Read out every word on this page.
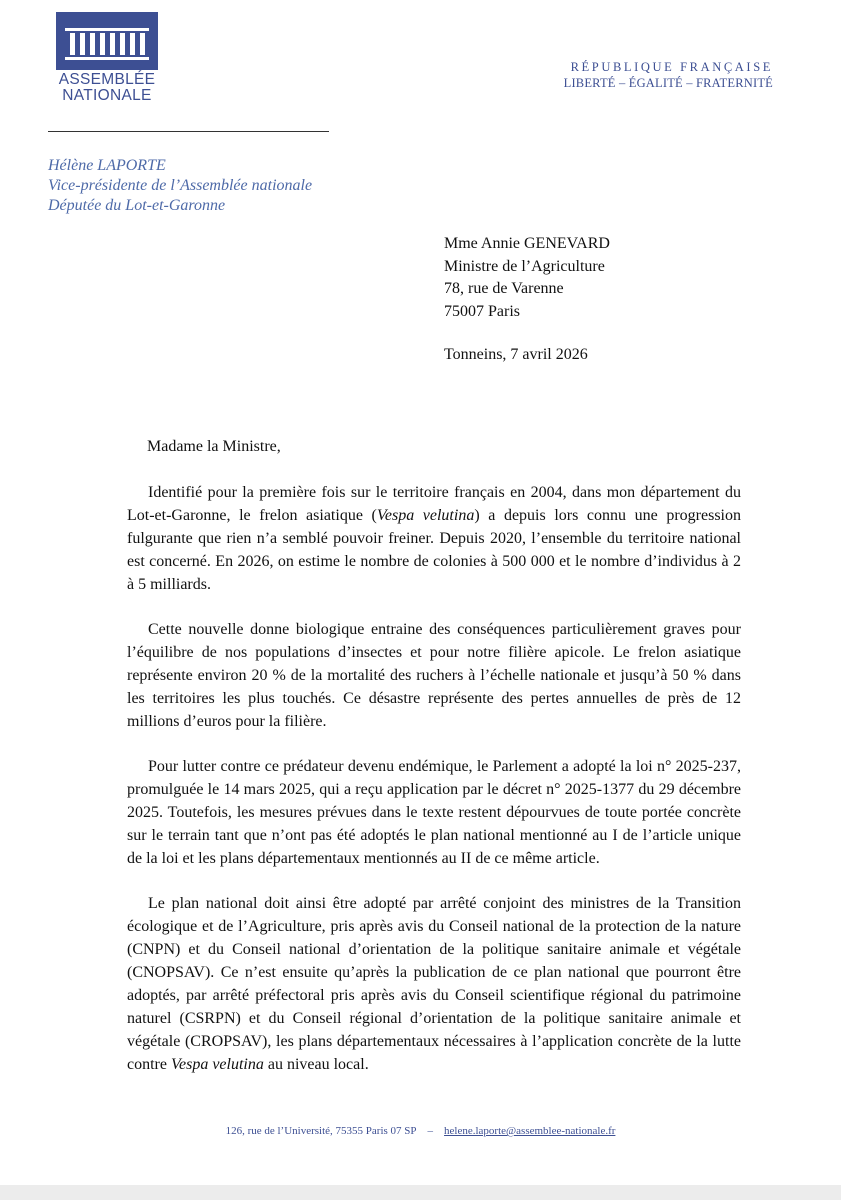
ASSEMBLÉE
NATIONALE
RÉPUBLIQUE FRANÇAISE
LIBERTÉ – ÉGALITÉ – FRATERNITÉ
Hélène LAPORTE
Vice-présidente de l’Assemblée nationale
Députée du Lot-et-Garonne
Mme Annie GENEVARD
Ministre de l’Agriculture
78, rue de Varenne
75007 Paris
Tonneins, 7 avril 2026
Madame la Ministre,

Identifié pour la première fois sur le territoire français en 2004, dans mon département du Lot-et-Garonne, le frelon asiatique (Vespa velutina) a depuis lors connu une progression fulgurante que rien n’a semblé pouvoir freiner. Depuis 2020, l’ensemble du territoire national est concerné. En 2026, on estime le nombre de colonies à 500 000 et le nombre d’individus à 2 à 5 milliards.

Cette nouvelle donne biologique entraine des conséquences particulièrement graves pour l’équilibre de nos populations d’insectes et pour notre filière apicole. Le frelon asiatique représente environ 20 % de la mortalité des ruchers à l’échelle nationale et jusqu’à 50 % dans les territoires les plus touchés. Ce désastre représente des pertes annuelles de près de 12 millions d’euros pour la filière.

Pour lutter contre ce prédateur devenu endémique, le Parlement a adopté la loi n° 2025-237, promulguée le 14 mars 2025, qui a reçu application par le décret n° 2025-1377 du 29 décembre 2025. Toutefois, les mesures prévues dans le texte restent dépourvues de toute portée concrète sur le terrain tant que n’ont pas été adoptés le plan national mentionné au I de l’article unique de la loi et les plans départementaux mentionnés au II de ce même article.

Le plan national doit ainsi être adopté par arrêté conjoint des ministres de la Transition écologique et de l’Agriculture, pris après avis du Conseil national de la protection de la nature (CNPN) et du Conseil national d’orientation de la politique sanitaire animale et végétale (CNOPSAV). Ce n’est ensuite qu’après la publication de ce plan national que pourront être adoptés, par arrêté préfectoral pris après avis du Conseil scientifique régional du patrimoine naturel (CSRPN) et du Conseil régional d’orientation de la politique sanitaire animale et végétale (CROPSAV), les plans départementaux nécessaires à l’application concrète de la lutte contre Vespa velutina au niveau local.

126, rue de l’Université, 75355 Paris 07 SP – helene.laporte@assemblee-nationale.fr
